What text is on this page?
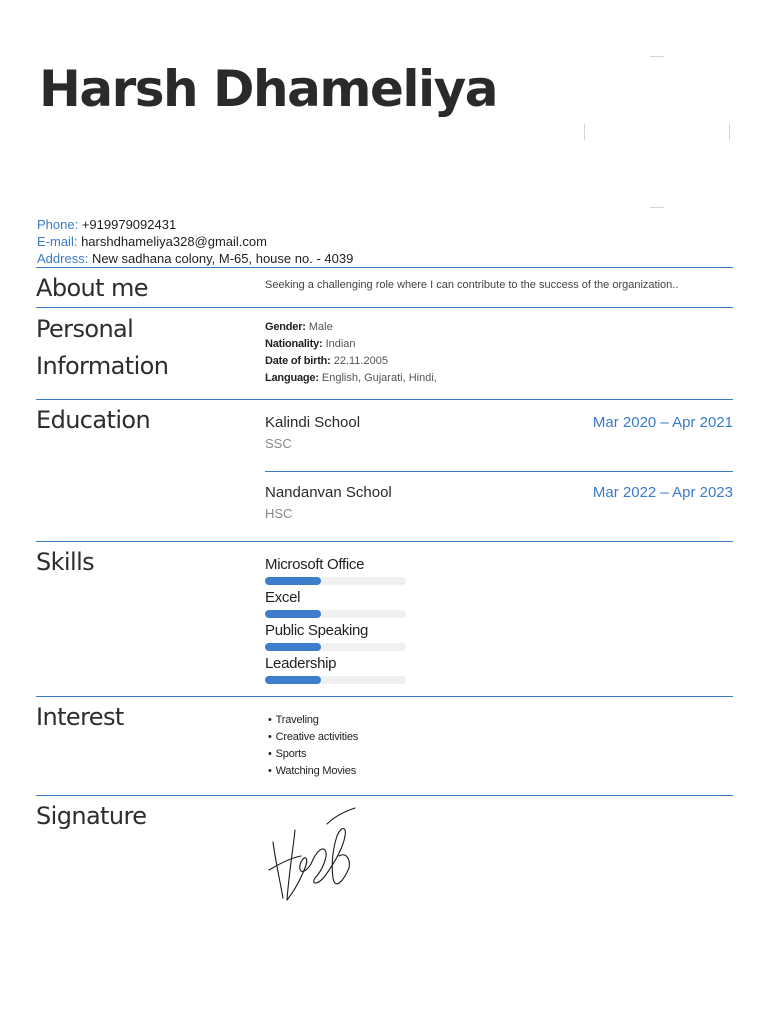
Harsh Dhameliya
Phone: +919979092431
E-mail: harshdhameliya328@gmail.com
Address: New sadhana colony, M-65, house no. - 4039
About me	Seeking a challenging role where I can contribute to the success of the organization..
Personal
Information
Gender: Male
Nationality: Indian
Date of birth: 22.11.2005
Language: English, Gujarati, Hindi,
Education	Kalindi School	Mar 2020 – Apr 2021
SSC
Nandanvan School	Mar 2022 – Apr 2023
HSC
Skills	Microsoft Office
Excel
Public Speaking
Leadership
Interest
•	Traveling
• Creative activities
• Sports
• Watching Movies
Signature
